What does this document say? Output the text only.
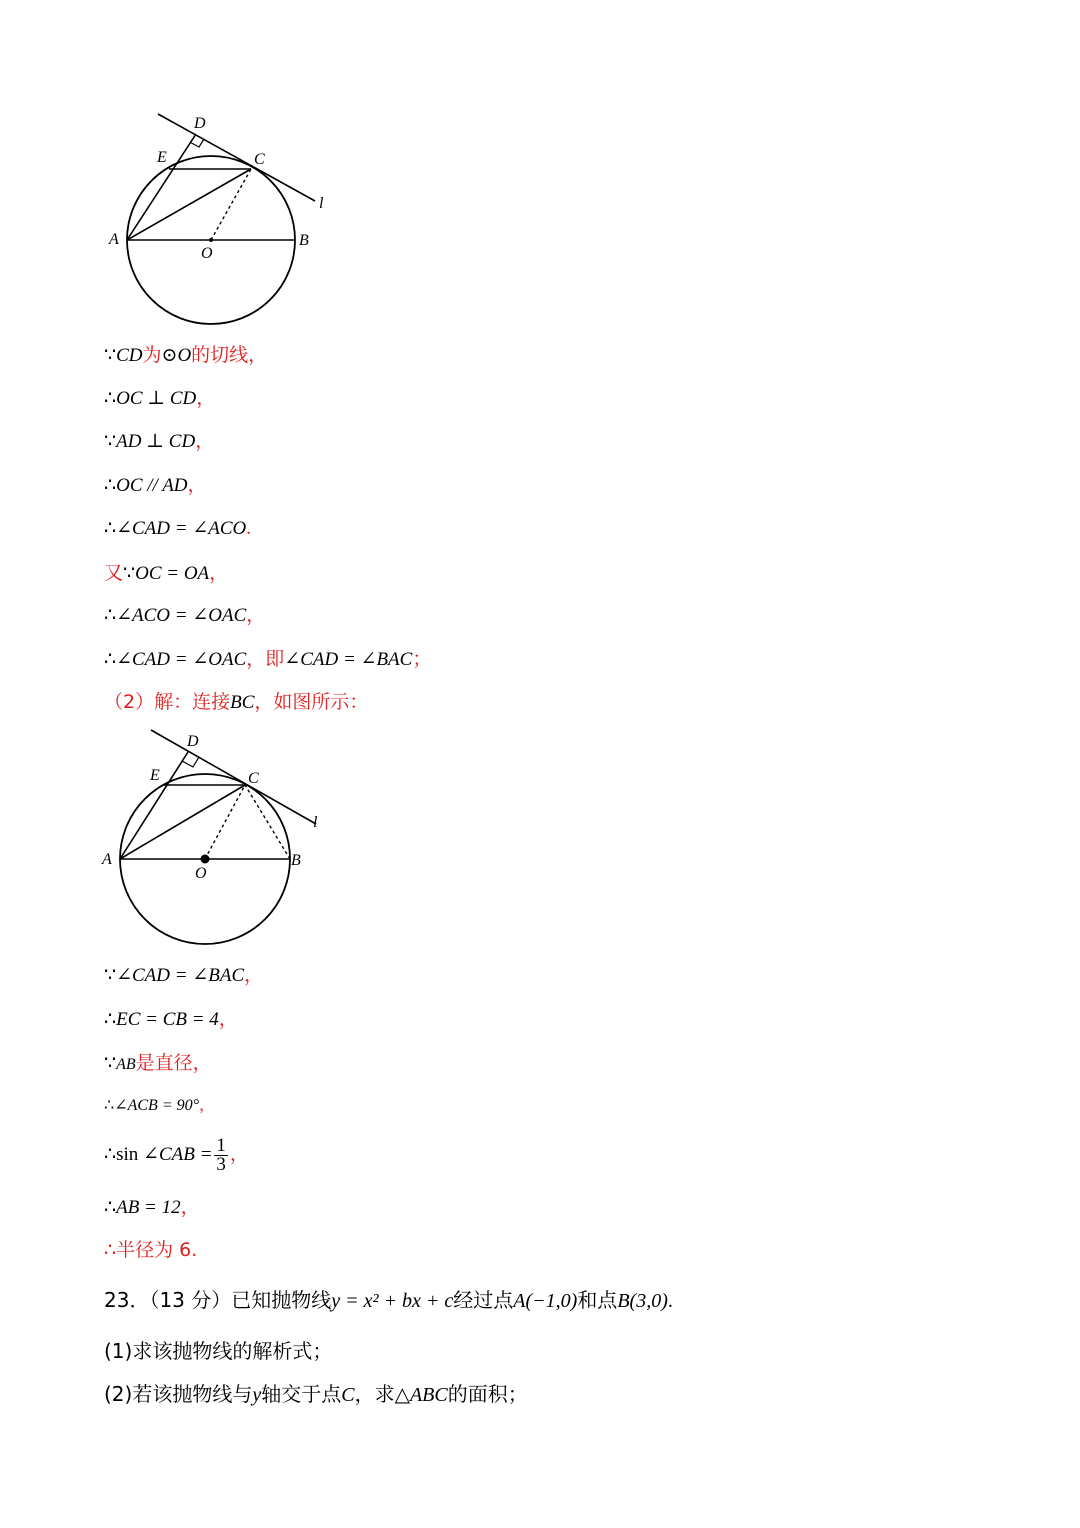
D
E	C
l
A
O
B
∵CD为⊙O的切线，
∴OC ⊥ CD，
∵AD ⊥ CD，
∴OC // AD，
∴∠CAD = ∠ACO.
又∵OC = OA，
∴∠ACO = ∠OAC，
∴∠CAD = ∠OAC，即∠CAD = ∠BAC；
（2）解：连接BC，如图所示：
D
E	C
l
A
O
B
∵∠CAD = ∠BAC，
∴EC = CB = 4，
∵AB是直径，
∴∠ACB = 90°，
∴sin ∠CAB = $\frac{1}{3}$ ，
∴AB = 12，
∴半径为 6.
23．（13 分）已知抛物线y = x² + bx + c经过点A(−1,0)和点B(3,0).
(1)求该抛物线的解析式；
(2)若该抛物线与y轴交于点C，求△ABC的面积；
